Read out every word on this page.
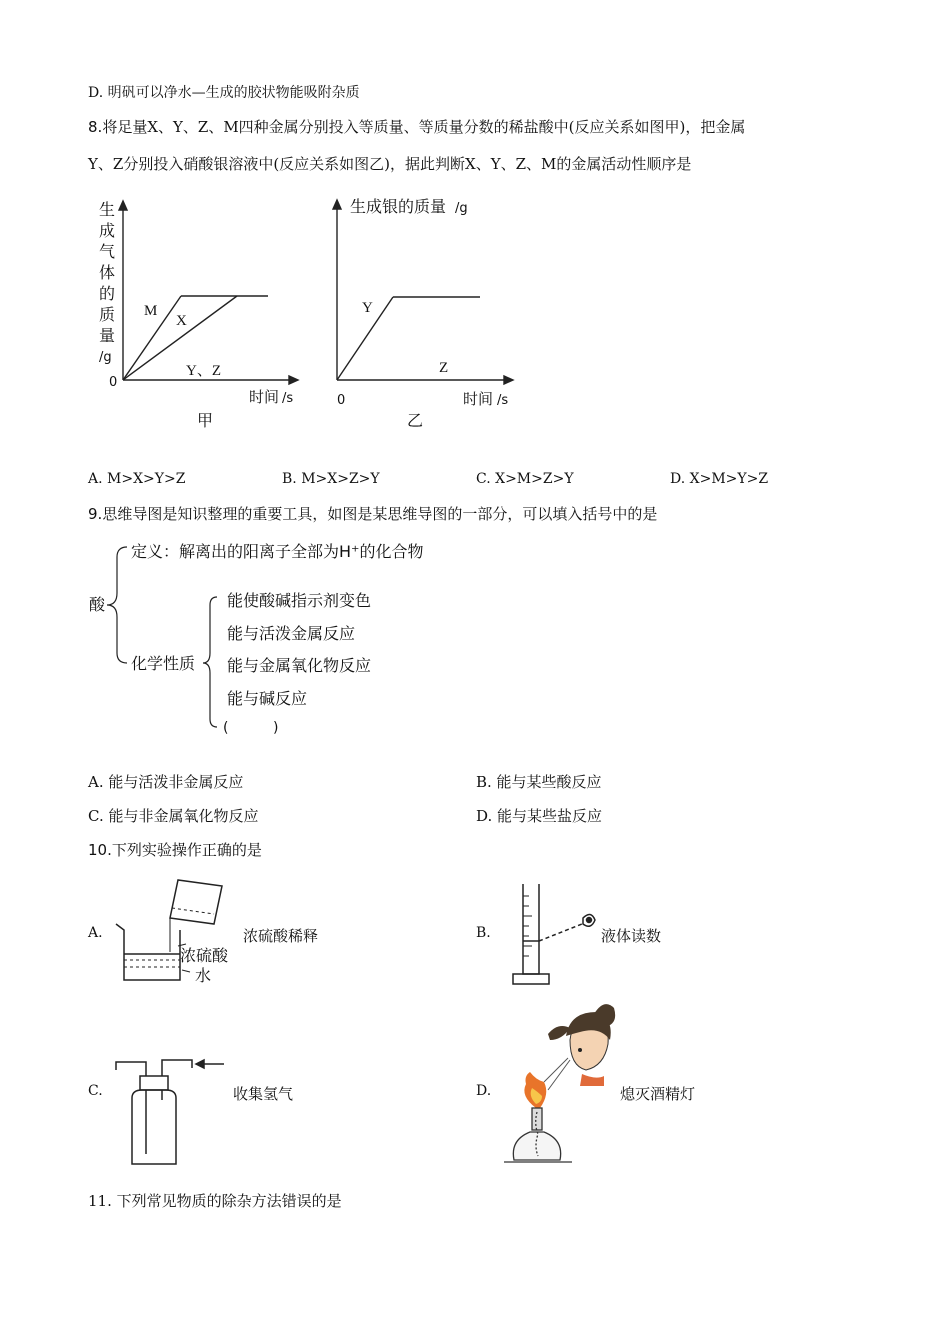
D. 明矾可以净水—生成的胶状物能吸附杂质
8.将足量X、Y、Z、M四种金属分别投入等质量、等质量分数的稀盐酸中(反应关系如图甲)，把金属
Y、Z分别投入硝酸银溶液中(反应关系如图乙)，据此判断X、Y、Z、M的金属活动性顺序是
生
成
气
体
的
质
量
/g
0
时间 /s
甲
M
X
Y、Z
生成银的质量 /g
0	时间 /s
乙
Y
Z
A. M>X>Y>Z	B. M>X>Z>Y	C. X>M>Z>Y	D. X>M>Y>Z
9.思维导图是知识整理的重要工具，如图是某思维导图的一部分，可以填入括号中的是
酸
定义：解离出的阳离子全部为H⁺的化合物
化学性质
能使酸碱指示剂变色
能与活泼金属反应
能与金属氧化物反应
能与碱反应
(          )
A. 能与活泼非金属反应	B. 能与某些酸反应
C. 能与非金属氧化物反应	D. 能与某些盐反应
10.下列实验操作正确的是
A.
浓硫酸
水
浓硫酸稀释	B.	液体读数
C.	收集氢气	D.	熄灭酒精灯
11. 下列常见物质的除杂方法错误的是
